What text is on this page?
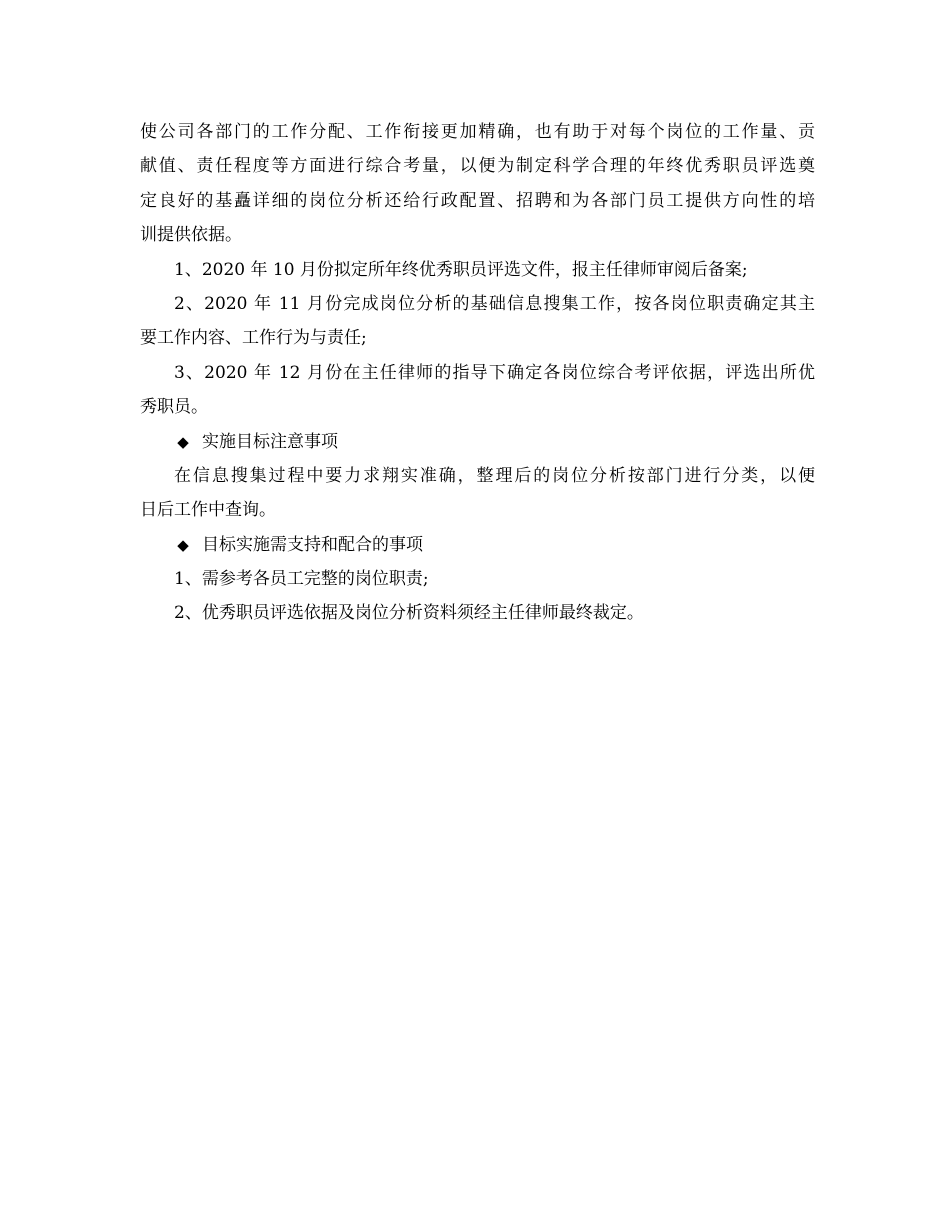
使公司各部门的工作分配、工作衔接更加精确，也有助于对每个岗位的工作量、贡
献值、责任程度等方面进行综合考量，以便为制定科学合理的年终优秀职员评选奠
定良好的基矗详细的岗位分析还给行政配置、招聘和为各部门员工提供方向性的培
训提供依据。
1、2020 年 10 月份拟定所年终优秀职员评选文件，报主任律师审阅后备案;
2、2020 年 11 月份完成岗位分析的基础信息搜集工作，按各岗位职责确定其主
要工作内容、工作行为与责任;
3、2020 年 12 月份在主任律师的指导下确定各岗位综合考评依据，评选出所优
秀职员。
◆ 实施目标注意事项
在信息搜集过程中要力求翔实准确，整理后的岗位分析按部门进行分类，以便
日后工作中查询。
◆ 目标实施需支持和配合的事项
1、需参考各员工完整的岗位职责;
2、优秀职员评选依据及岗位分析资料须经主任律师最终裁定。
